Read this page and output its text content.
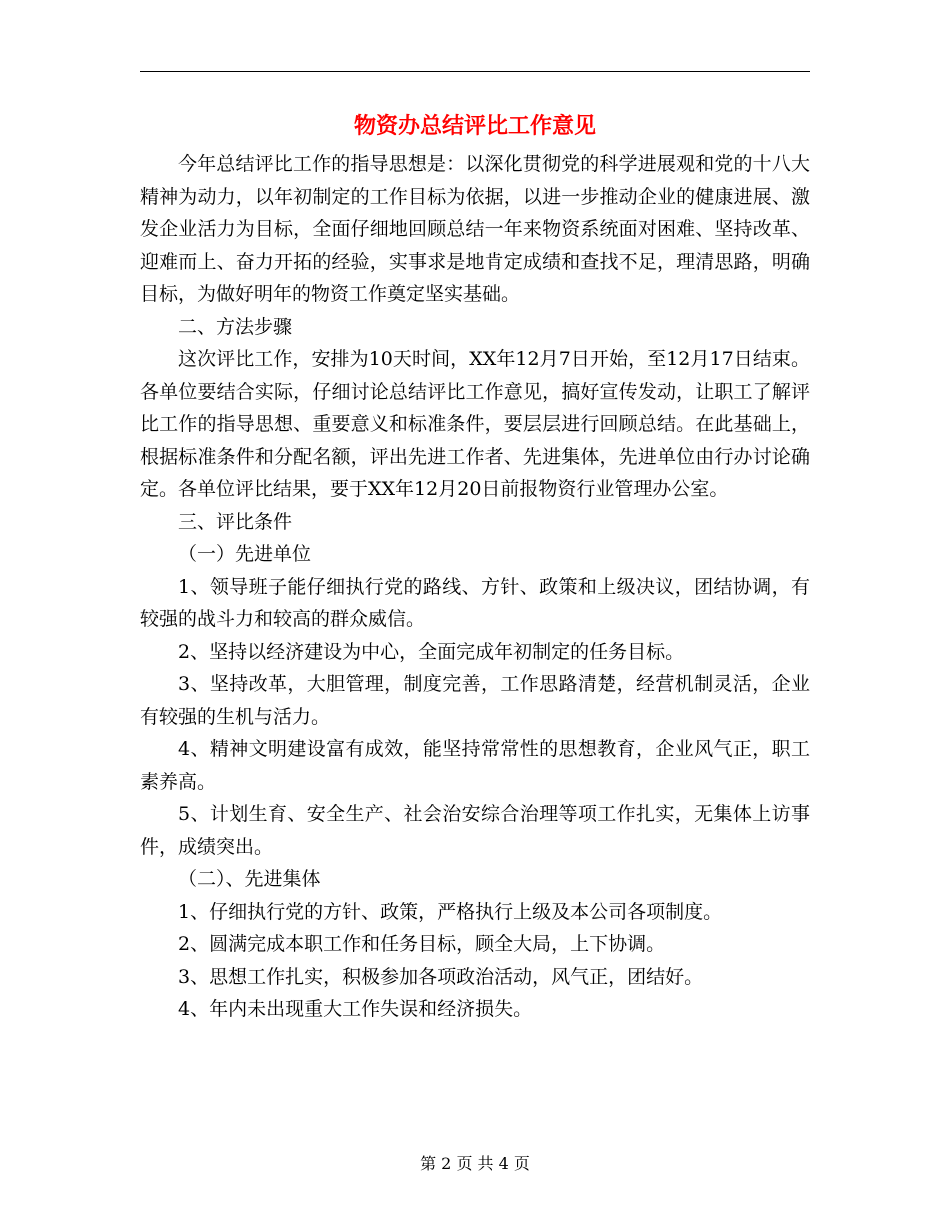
物资办总结评比工作意见

今年总结评比工作的指导思想是：以深化贯彻党的科学进展观和党的十八大精神为动力，以年初制定的工作目标为依据，以进一步推动企业的健康进展、激发企业活力为目标，全面仔细地回顾总结一年来物资系统面对困难、坚持改革、迎难而上、奋力开拓的经验，实事求是地肯定成绩和查找不足，理清思路，明确目标，为做好明年的物资工作奠定坚实基础。

二、方法步骤

这次评比工作，安排为10天时间，XX年12月7日开始，至12月17日结束。各单位要结合实际，仔细讨论总结评比工作意见，搞好宣传发动，让职工了解评比工作的指导思想、重要意义和标准条件，要层层进行回顾总结。在此基础上，根据标准条件和分配名额，评出先进工作者、先进集体，先进单位由行办讨论确定。各单位评比结果，要于XX年12月20日前报物资行业管理办公室。

三、评比条件

（一）先进单位

1、领导班子能仔细执行党的路线、方针、政策和上级决议，团结协调，有较强的战斗力和较高的群众威信。

2、坚持以经济建设为中心，全面完成年初制定的任务目标。

3、坚持改革，大胆管理，制度完善，工作思路清楚，经营机制灵活，企业有较强的生机与活力。

4、精神文明建设富有成效，能坚持常常性的思想教育，企业风气正，职工素养高。

5、计划生育、安全生产、社会治安综合治理等项工作扎实，无集体上访事件，成绩突出。

（二）、先进集体

1、仔细执行党的方针、政策，严格执行上级及本公司各项制度。

2、圆满完成本职工作和任务目标，顾全大局，上下协调。

3、思想工作扎实，积极参加各项政治活动，风气正，团结好。

4、年内未出现重大工作失误和经济损失。

第 2 页 共 4 页
